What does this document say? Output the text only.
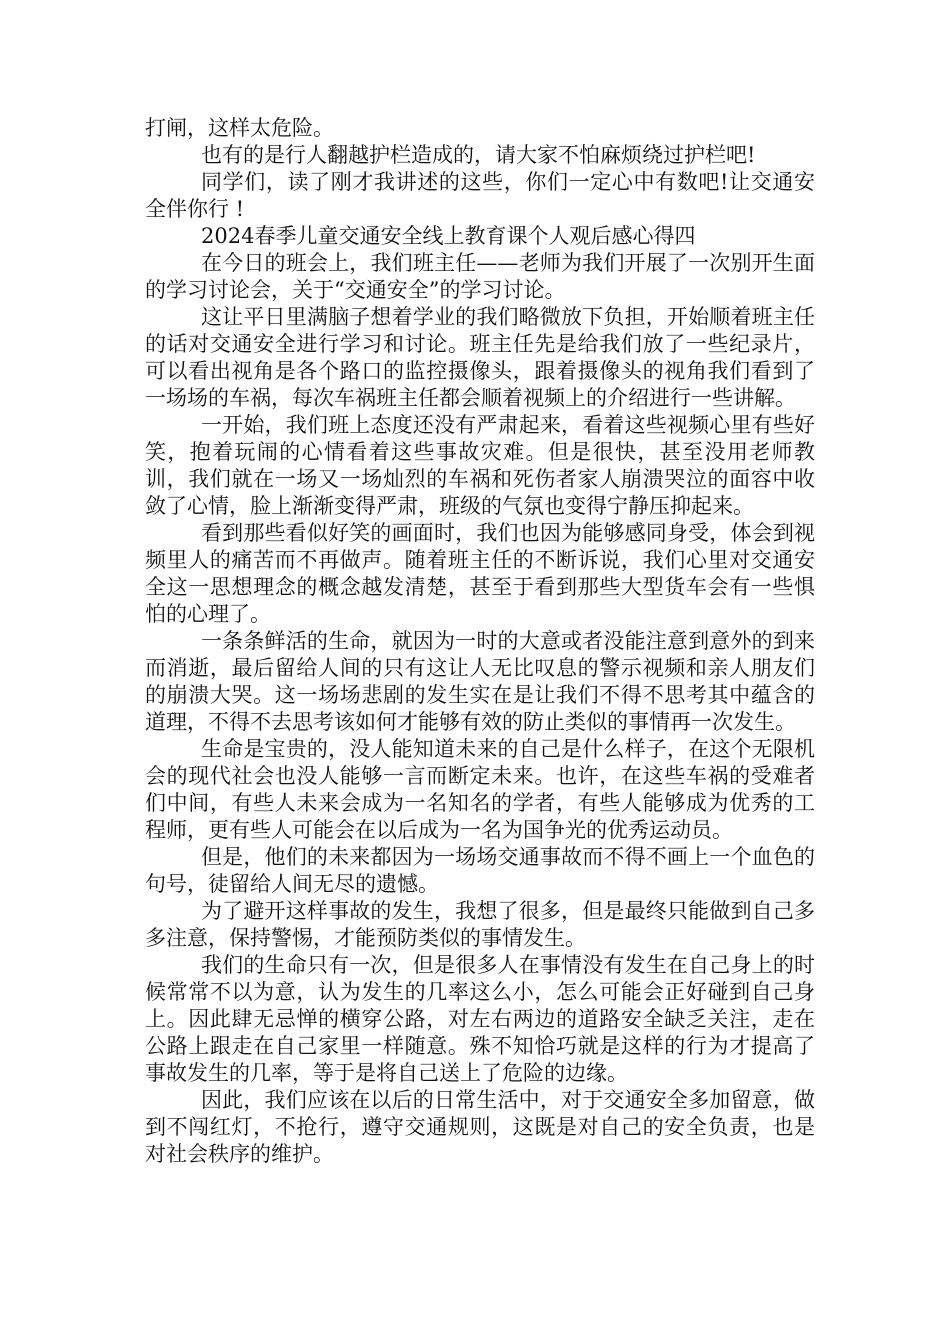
打闸，这样太危险。

也有的是行人翻越护栏造成的，请大家不怕麻烦绕过护栏吧!

同学们，读了刚才我讲述的这些，你们一定心中有数吧!让交通安全伴你行 !

2024春季儿童交通安全线上教育课个人观后感心得四

在今日的班会上，我们班主任——老师为我们开展了一次别开生面的学习讨论会，关于“交通安全”的学习讨论。

这让平日里满脑子想着学业的我们略微放下负担，开始顺着班主任的话对交通安全进行学习和讨论。班主任先是给我们放了一些纪录片，可以看出视角是各个路口的监控摄像头，跟着摄像头的视角我们看到了一场场的车祸，每次车祸班主任都会顺着视频上的介绍进行一些讲解。

一开始，我们班上态度还没有严肃起来，看着这些视频心里有些好笑，抱着玩闹的心情看着这些事故灾难。但是很快，甚至没用老师教训，我们就在一场又一场灿烈的车祸和死伤者家人崩溃哭泣的面容中收敛了心情，脸上渐渐变得严肃，班级的气氛也变得宁静压抑起来。

看到那些看似好笑的画面时，我们也因为能够感同身受，体会到视频里人的痛苦而不再做声。随着班主任的不断诉说，我们心里对交通安全这一思想理念的概念越发清楚，甚至于看到那些大型货车会有一些惧怕的心理了。

一条条鲜活的生命，就因为一时的大意或者没能注意到意外的到来而消逝，最后留给人间的只有这让人无比叹息的警示视频和亲人朋友们的崩溃大哭。这一场场悲剧的发生实在是让我们不得不思考其中蕴含的道理，不得不去思考该如何才能够有效的防止类似的事情再一次发生。

生命是宝贵的，没人能知道未来的自己是什么样子，在这个无限机会的现代社会也没人能够一言而断定未来。也许，在这些车祸的受难者们中间，有些人未来会成为一名知名的学者，有些人能够成为优秀的工程师，更有些人可能会在以后成为一名为国争光的优秀运动员。

但是，他们的未来都因为一场场交通事故而不得不画上一个血色的句号，徒留给人间无尽的遗憾。

为了避开这样事故的发生，我想了很多，但是最终只能做到自己多多注意，保持警惕，才能预防类似的事情发生。

我们的生命只有一次，但是很多人在事情没有发生在自己身上的时候常常不以为意，认为发生的几率这么小，怎么可能会正好碰到自己身上。因此肆无忌惮的横穿公路，对左右两边的道路安全缺乏关注，走在公路上跟走在自己家里一样随意。殊不知恰巧就是这样的行为才提高了事故发生的几率，等于是将自己送上了危险的边缘。

因此，我们应该在以后的日常生活中，对于交通安全多加留意，做到不闯红灯，不抢行，遵守交通规则，这既是对自己的安全负责，也是对社会秩序的维护。
